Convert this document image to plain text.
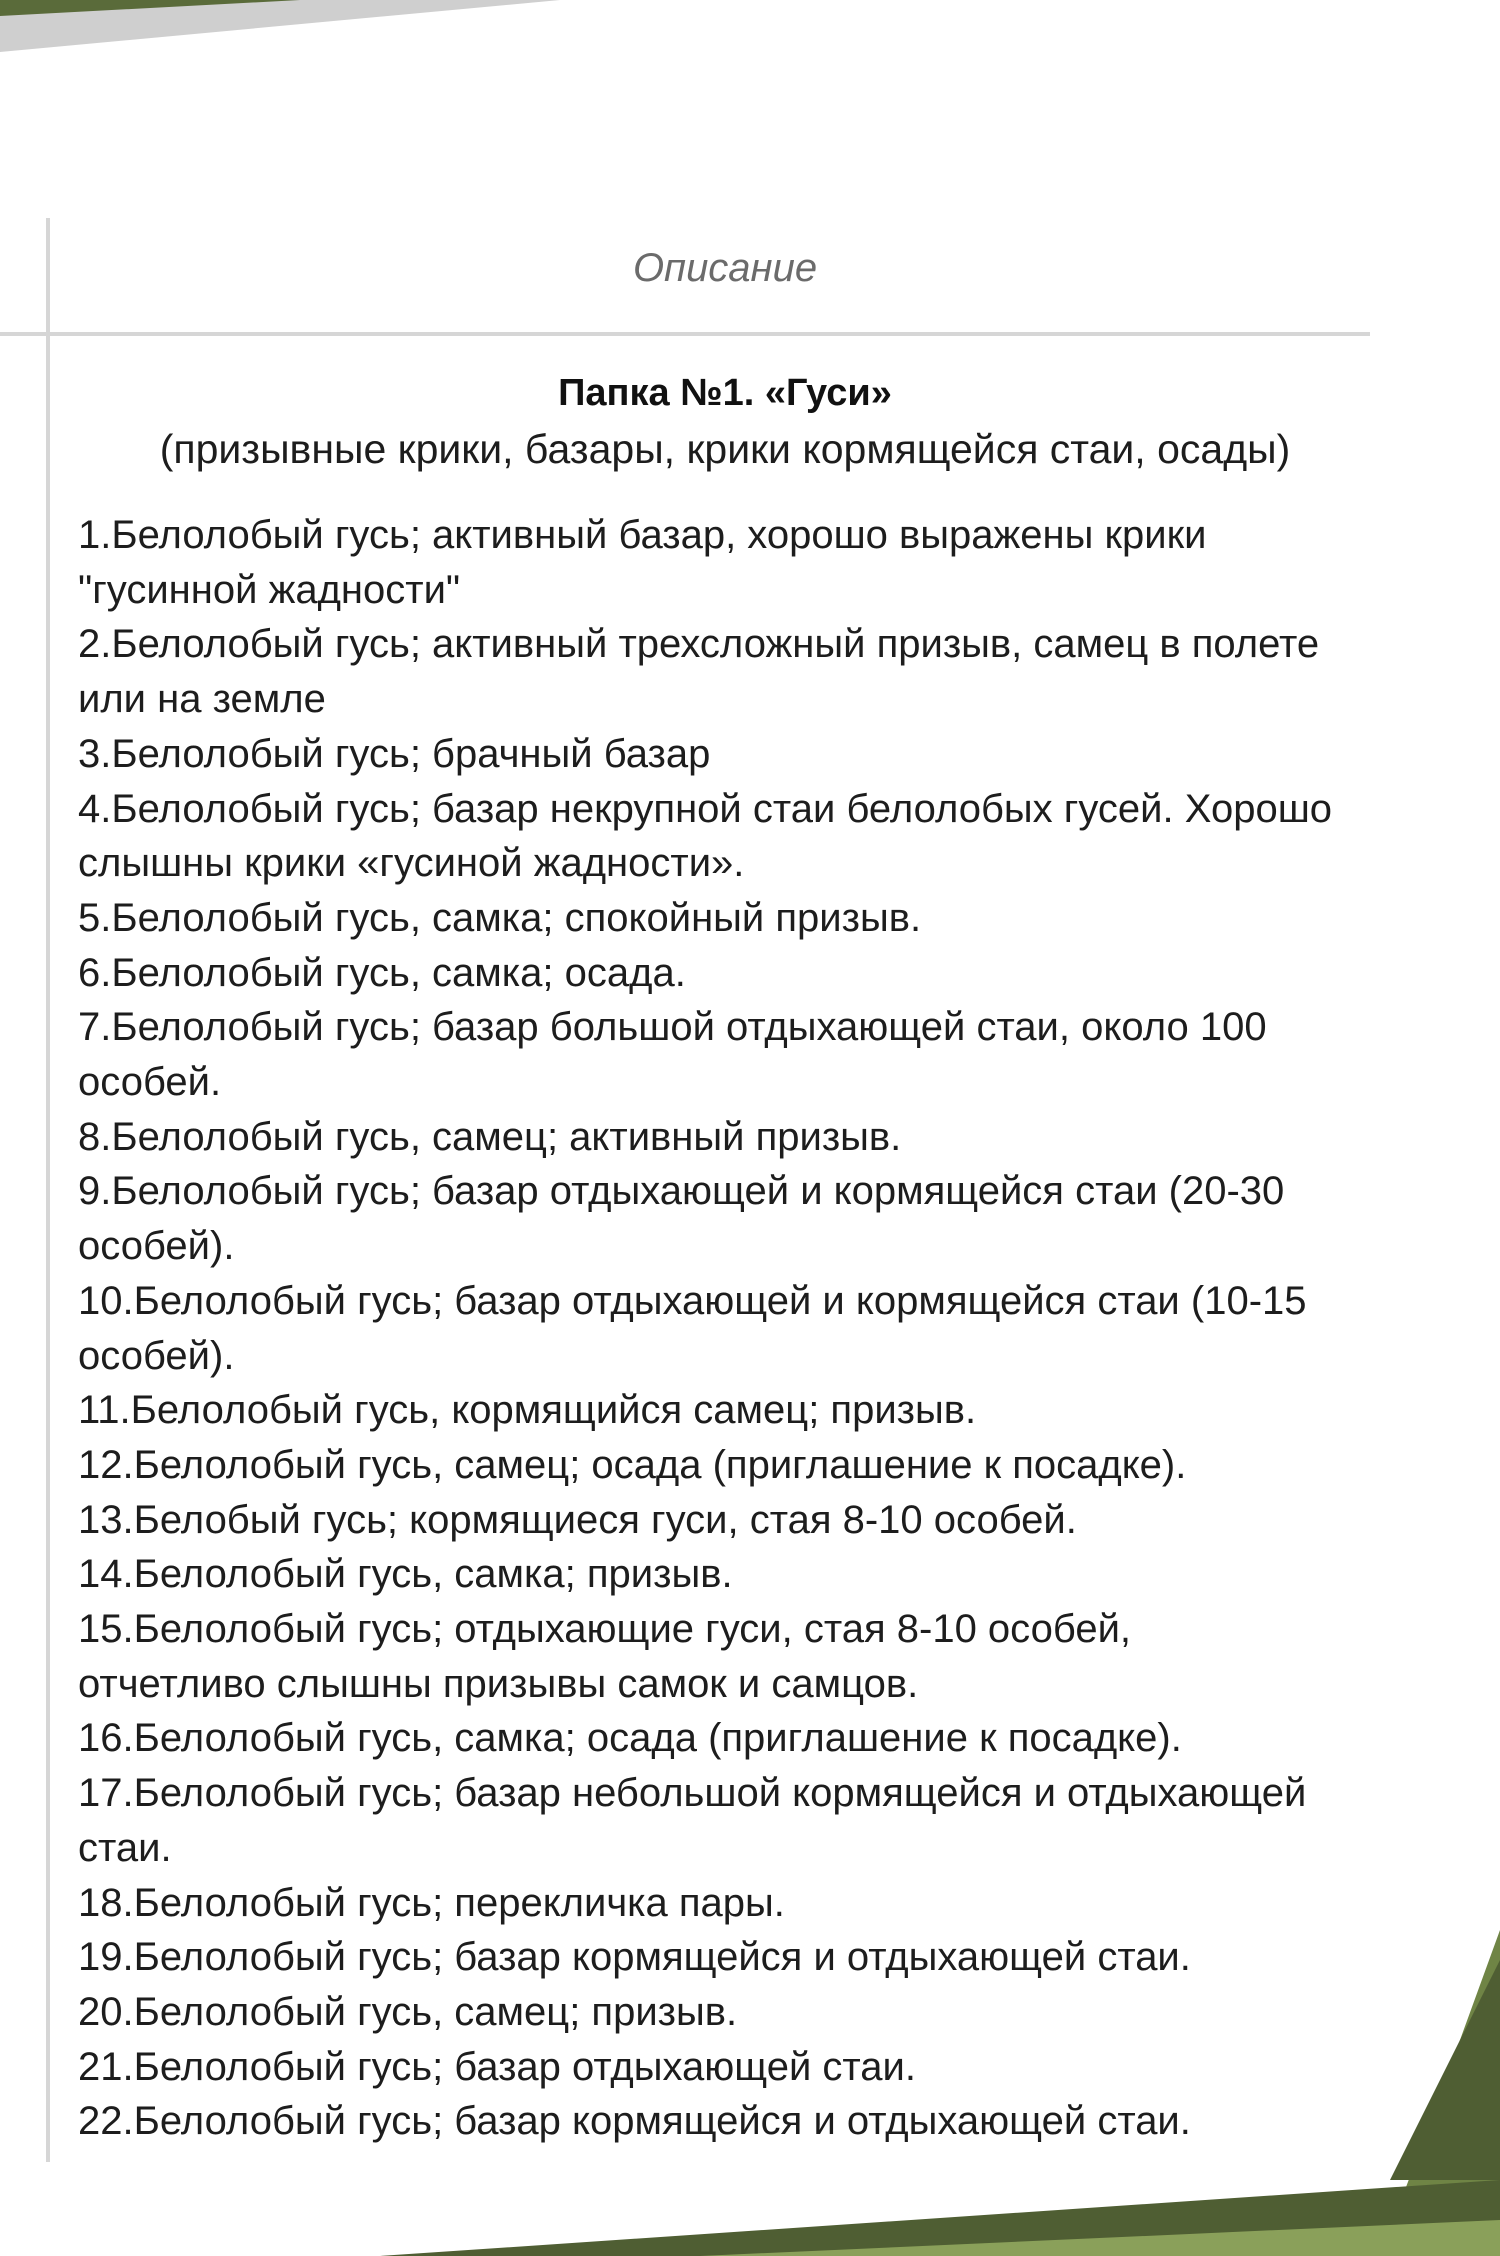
Описание
Папка №1. «Гуси»
(призывные крики, базары, крики кормящейся стаи, осады)
1.Белолобый гусь; активный базар, хорошо выражены крики
"гусинной жадности"
2.Белолобый гусь; активный трехсложный призыв, самец в полете
или на земле
3.Белолобый гусь; брачный базар
4.Белолобый гусь; базар некрупной стаи белолобых гусей. Хорошо
слышны крики «гусиной жадности».
5.Белолобый гусь, самка; спокойный призыв.
6.Белолобый гусь, самка; осада.
7.Белолобый гусь; базар большой отдыхающей стаи, около 100
особей.
8.Белолобый гусь, самец; активный призыв.
9.Белолобый гусь; базар отдыхающей и кормящейся стаи (20-30
особей).
10.Белолобый гусь; базар отдыхающей и кормящейся стаи (10-15
особей).
11.Белолобый гусь, кормящийся самец; призыв.
12.Белолобый гусь, самец; осада (приглашение к посадке).
13.Белобый гусь; кормящиеся гуси, стая 8-10 особей.
14.Белолобый гусь, самка; призыв.
15.Белолобый гусь; отдыхающие гуси, стая 8-10 особей,
отчетливо слышны призывы самок и самцов.
16.Белолобый гусь, самка; осада (приглашение к посадке).
17.Белолобый гусь; базар небольшой кормящейся и отдыхающей
стаи.
18.Белолобый гусь; перекличка пары.
19.Белолобый гусь; базар кормящейся и отдыхающей стаи.
20.Белолобый гусь, самец; призыв.
21.Белолобый гусь; базар отдыхающей стаи.
22.Белолобый гусь; базар кормящейся и отдыхающей стаи.
